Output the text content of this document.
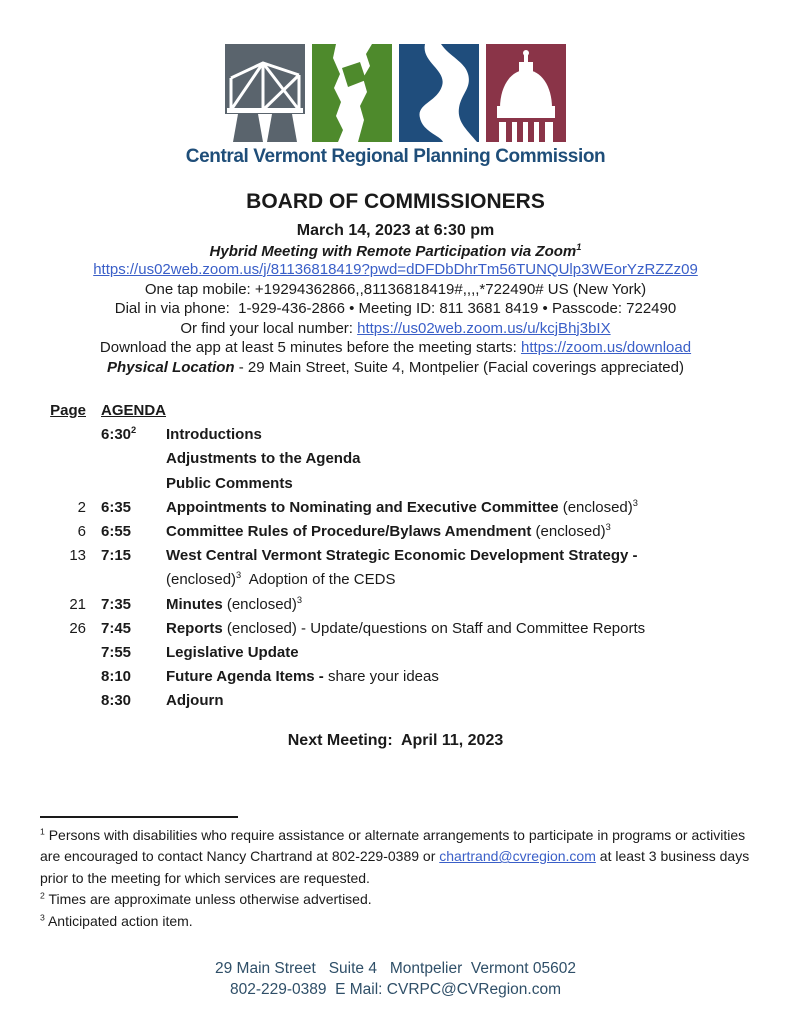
Central Vermont Regional Planning Commission
BOARD OF COMMISSIONERS
March 14, 2023 at 6:30 pm
Hybrid Meeting with Remote Participation via Zoom$^1$
https://us02web.zoom.us/j/81136818419?pwd=dDFDbDhrTm56TUNQUlp3WEorYzRZZz09
One tap mobile: +19294362866,,81136818419#,,,,*722490# US (New York)
Dial in via phone:  1-929-436-2866 • Meeting ID: 811 3681 8419 • Passcode: 722490
Or find your local number: https://us02web.zoom.us/u/kcjBhj3bIX
Download the app at least 5 minutes before the meeting starts: https://zoom.us/download
Physical Location - 29 Main Street, Suite 4, Montpelier (Facial coverings appreciated)
Page AGENDA
$6:30^2$	Introductions
Adjustments to the Agenda
Public Comments
2 6:35	Appointments to Nominating and Executive Committee (enclosed)$^3$
6 6:55	Committee Rules of Procedure/Bylaws Amendment (enclosed)$^3$
13 7:15	West Central Vermont Strategic Economic Development Strategy -
(enclosed)$^3$  Adoption of the CEDS
21 7:35	Minutes (enclosed)$^3$
26 7:45	Reports (enclosed) - Update/questions on Staff and Committee Reports
7:55	Legislative Update
8:10	Future Agenda Items - share your ideas
8:30	Adjourn
Next Meeting:  April 11, 2023

$^1$ Persons with disabilities who require assistance or alternate arrangements to participate in programs or activities are encouraged to contact Nancy Chartrand at 802-229-0389 or chartrand@cvregion.com at least 3 business days prior to the meeting for which services are requested.

$^2$ Times are approximate unless otherwise advertised.

$^3$ Anticipated action item.

29 Main Street   Suite 4   Montpelier  Vermont 05602
802-229-0389  E Mail: CVRPC@CVRegion.com
